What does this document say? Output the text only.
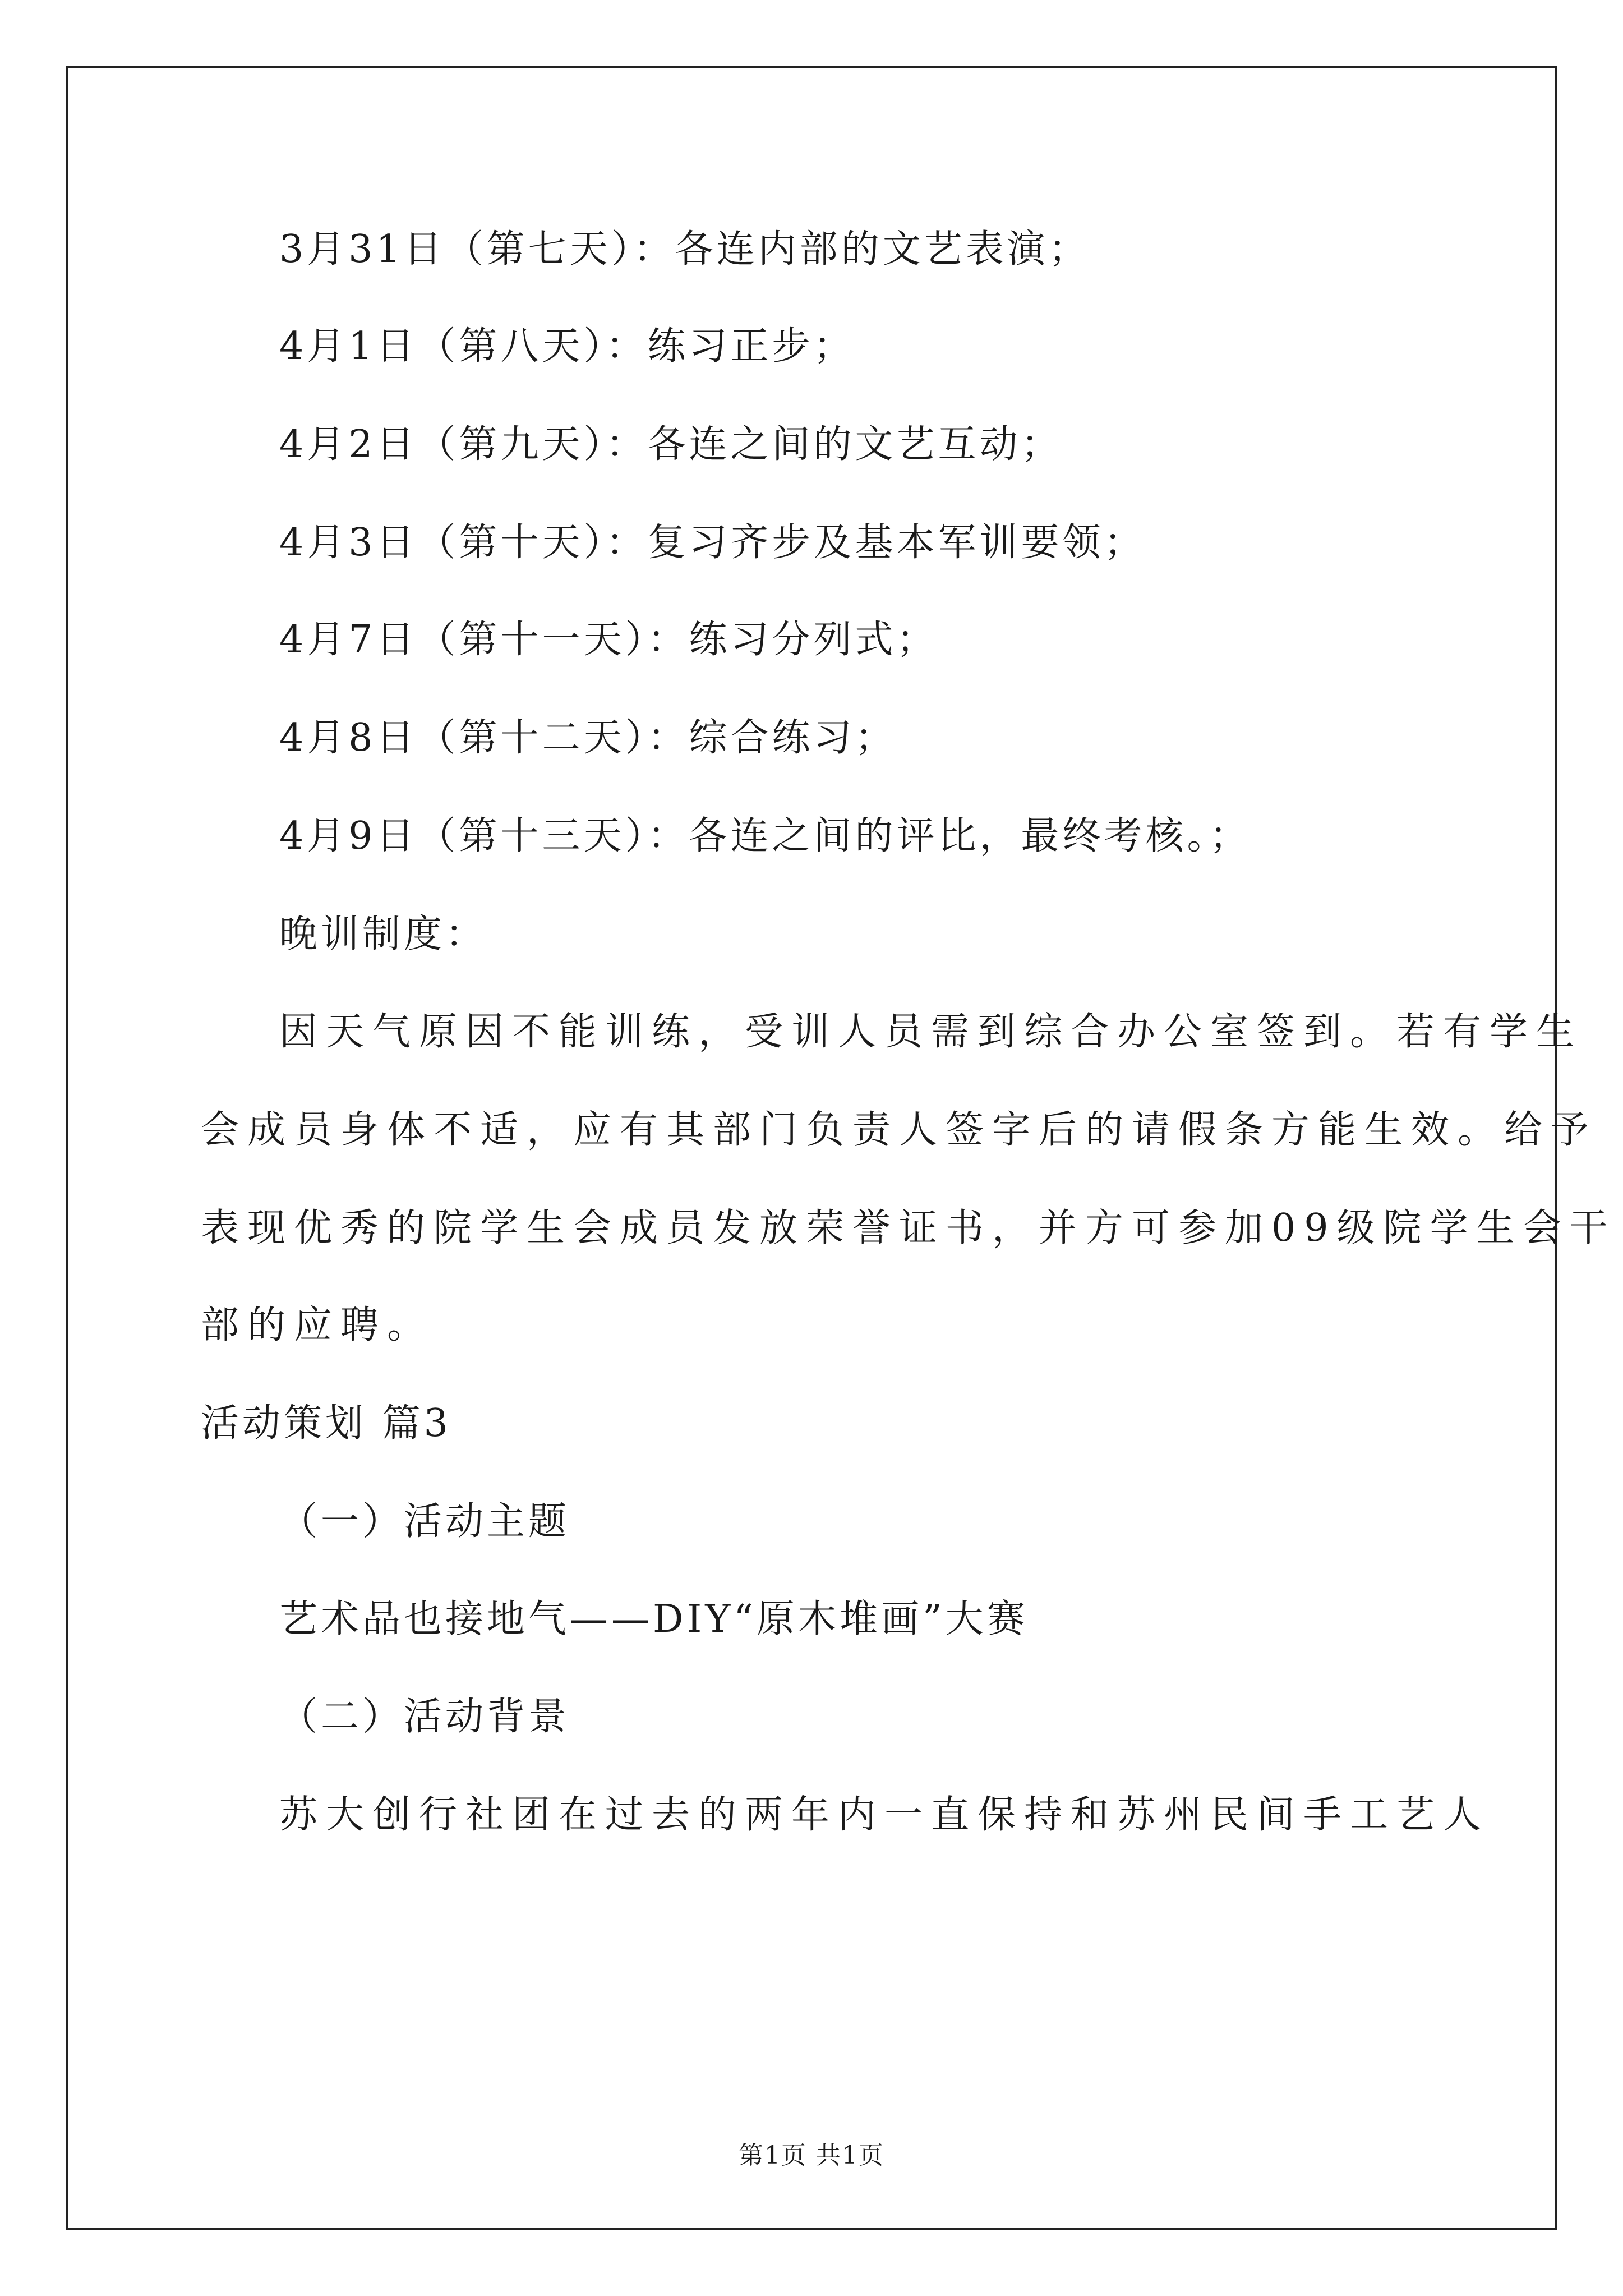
3月31日（第七天）：各连内部的文艺表演；
4月1日（第八天）：练习正步；
4月2日（第九天）：各连之间的文艺互动；
4月3日（第十天）：复习齐步及基本军训要领；
4月7日（第十一天）：练习分列式；
4月8日（第十二天）：综合练习；
4月9日（第十三天）：各连之间的评比，最终考核。；
晚训制度：
因天气原因不能训练，受训人员需到综合办公室签到。若有学生
会成员身体不适，应有其部门负责人签字后的请假条方能生效。给予
表现优秀的院学生会成员发放荣誉证书，并方可参加09级院学生会干
部的应聘。
活动策划 篇3
（一）活动主题
艺术品也接地气——DIY“原木堆画”大赛
（二）活动背景
苏大创行社团在过去的两年内一直保持和苏州民间手工艺人
第1页 共1页
